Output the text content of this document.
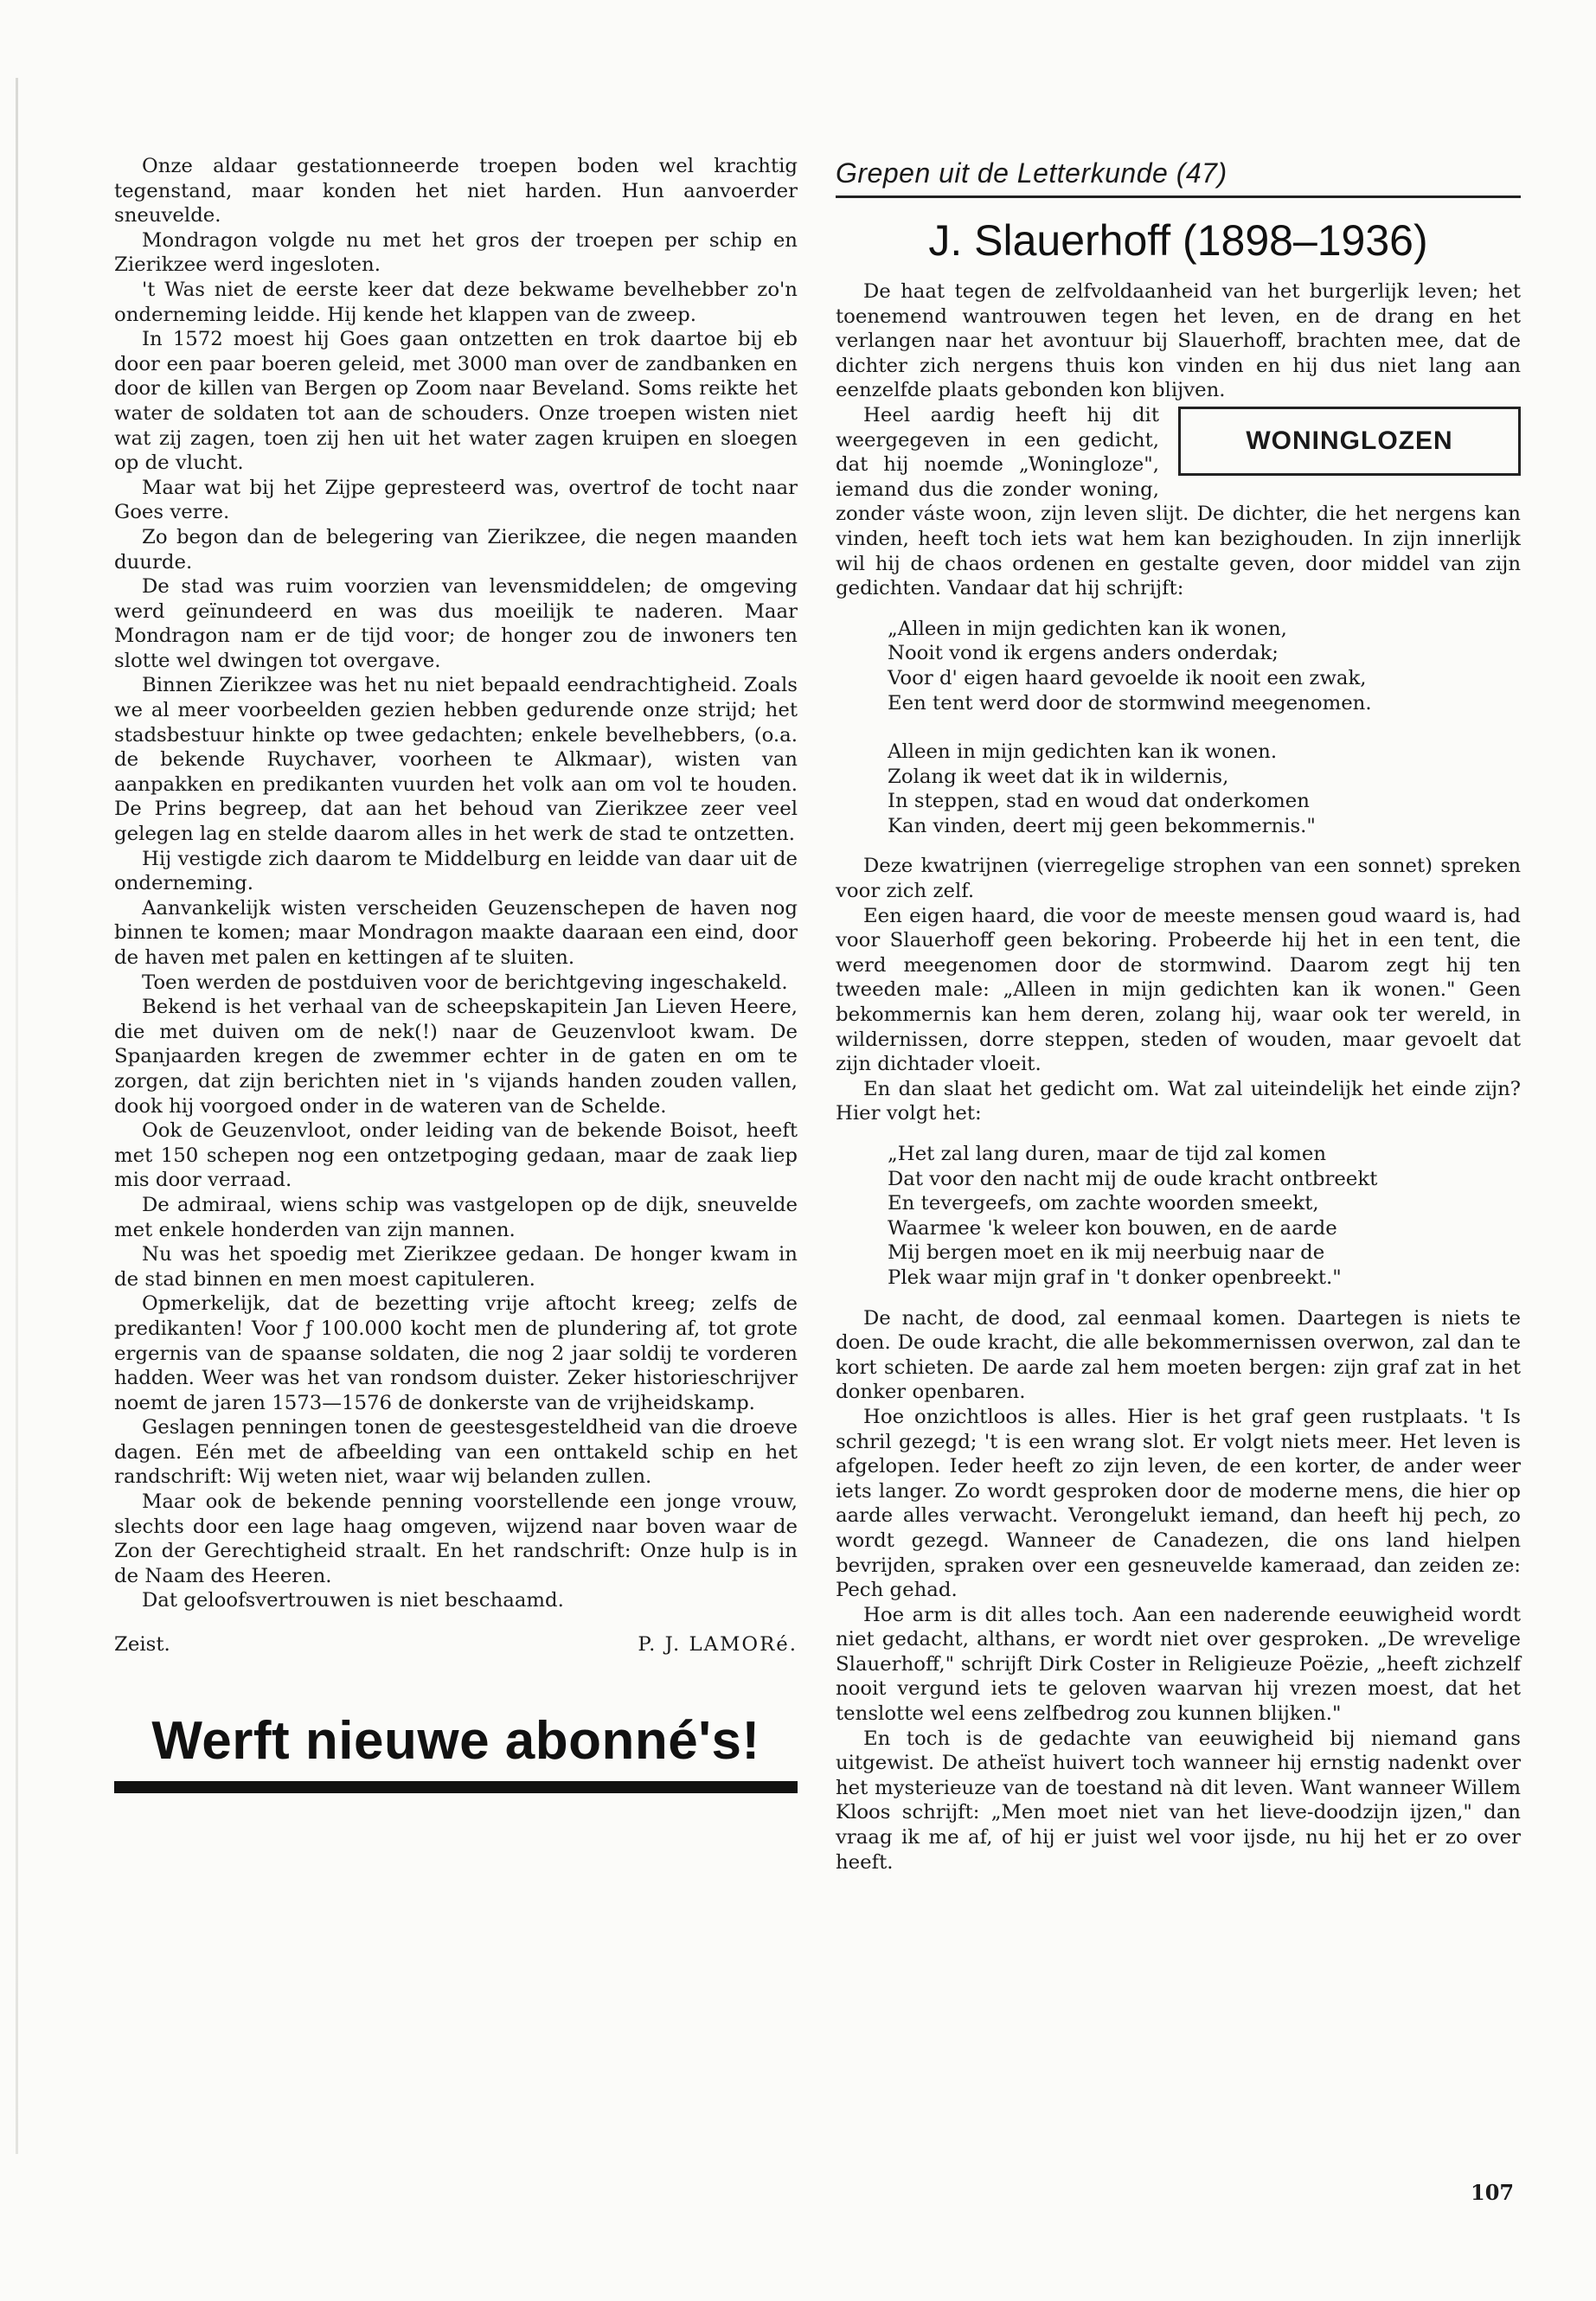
Onze aldaar gestationneerde troepen boden wel krachtig tegenstand, maar konden het niet harden. Hun aanvoerder sneuvelde.

Mondragon volgde nu met het gros der troepen per schip en Zierikzee werd ingesloten.

't Was niet de eerste keer dat deze bekwame bevelhebber zo'n onderneming leidde. Hij kende het klappen van de zweep.

In 1572 moest hij Goes gaan ontzetten en trok daartoe bij eb door een paar boeren geleid, met 3000 man over de zandbanken en door de killen van Bergen op Zoom naar Beveland. Soms reikte het water de soldaten tot aan de schouders. Onze troepen wisten niet wat zij zagen, toen zij hen uit het water zagen kruipen en sloegen op de vlucht.

Maar wat bij het Zijpe gepresteerd was, overtrof de tocht naar Goes verre.

Zo begon dan de belegering van Zierikzee, die negen maanden duurde.

De stad was ruim voorzien van levensmiddelen; de omgeving werd geïnundeerd en was dus moeilijk te naderen. Maar Mondragon nam er de tijd voor; de honger zou de inwoners ten slotte wel dwingen tot overgave.

Binnen Zierikzee was het nu niet bepaald eendrachtigheid. Zoals we al meer voorbeelden gezien hebben gedurende onze strijd; het stadsbestuur hinkte op twee gedachten; enkele bevelhebbers, (o.a. de bekende Ruychaver, voorheen te Alkmaar), wisten van aanpakken en predikanten vuurden het volk aan om vol te houden. De Prins begreep, dat aan het behoud van Zierikzee zeer veel gelegen lag en stelde daarom alles in het werk de stad te ontzetten.

Hij vestigde zich daarom te Middelburg en leidde van daar uit de onderneming.

Aanvankelijk wisten verscheiden Geuzenschepen de haven nog binnen te komen; maar Mondragon maakte daaraan een eind, door de haven met palen en kettingen af te sluiten.

Toen werden de postduiven voor de berichtgeving ingeschakeld.

Bekend is het verhaal van de scheepskapitein Jan Lieven Heere, die met duiven om de nek(!) naar de Geuzenvloot kwam. De Spanjaarden kregen de zwemmer echter in de gaten en om te zorgen, dat zijn berichten niet in 's vijands handen zouden vallen, dook hij voorgoed onder in de wateren van de Schelde.

Ook de Geuzenvloot, onder leiding van de bekende Boisot, heeft met 150 schepen nog een ontzetpoging gedaan, maar de zaak liep mis door verraad.

De admiraal, wiens schip was vastgelopen op de dijk, sneuvelde met enkele honderden van zijn mannen.

Nu was het spoedig met Zierikzee gedaan. De honger kwam in de stad binnen en men moest capituleren.

Opmerkelijk, dat de bezetting vrije aftocht kreeg; zelfs de predikanten! Voor ƒ 100.000 kocht men de plundering af, tot grote ergernis van de spaanse soldaten, die nog 2 jaar soldij te vorderen hadden. Weer was het van rondsom duister. Zeker historieschrijver noemt de jaren 1573—1576 de donkerste van de vrijheidskamp.

Geslagen penningen tonen de geestesgesteldheid van die droeve dagen. Eén met de afbeelding van een onttakeld schip en het randschrift: Wij weten niet, waar wij belanden zullen.

Maar ook de bekende penning voorstellende een jonge vrouw, slechts door een lage haag omgeven, wijzend naar boven waar de Zon der Gerechtigheid straalt. En het randschrift: Onze hulp is in de Naam des Heeren.

Dat geloofsvertrouwen is niet beschaamd.

Zeist.	P. J. LAMORé.
Werft nieuwe abonné's!
Grepen uit de Letterkunde (47)
J. Slauerhoff (1898–1936)

De haat tegen de zelfvoldaanheid van het burgerlijk leven; het toenemend wantrouwen tegen het leven, en de drang en het verlangen naar het avontuur bij Slauerhoff, brachten mee, dat de dichter zich nergens thuis kon vinden en hij dus niet lang aan eenzelfde plaats gebonden kon blijven.

WONINGLOZEN

Heel aardig heeft hij dit weergegeven in een gedicht, dat hij noemde „Woningloze", iemand dus die zonder woning, zonder váste woon, zijn leven slijt. De dichter, die het nergens kan vinden, heeft toch iets wat hem kan bezighouden. In zijn innerlijk wil hij de chaos ordenen en gestalte geven, door middel van zijn gedichten. Vandaar dat hij schrijft:

„Alleen in mijn gedichten kan ik wonen,
Nooit vond ik ergens anders onderdak;
Voor d' eigen haard gevoelde ik nooit een zwak,
Een tent werd door de stormwind meegenomen.
Alleen in mijn gedichten kan ik wonen.
Zolang ik weet dat ik in wildernis,
In steppen, stad en woud dat onderkomen
Kan vinden, deert mij geen bekommernis."

Deze kwatrijnen (vierregelige strophen van een sonnet) spreken voor zich zelf.

Een eigen haard, die voor de meeste mensen goud waard is, had voor Slauerhoff geen bekoring. Probeerde hij het in een tent, die werd meegenomen door de stormwind. Daarom zegt hij ten tweeden male: „Alleen in mijn gedichten kan ik wonen." Geen bekommernis kan hem deren, zolang hij, waar ook ter wereld, in wildernissen, dorre steppen, steden of wouden, maar gevoelt dat zijn dichtader vloeit.

En dan slaat het gedicht om. Wat zal uiteindelijk het einde zijn? Hier volgt het:

„Het zal lang duren, maar de tijd zal komen
Dat voor den nacht mij de oude kracht ontbreekt
En tevergeefs, om zachte woorden smeekt,
Waarmee 'k weleer kon bouwen, en de aarde
Mij bergen moet en ik mij neerbuig naar de
Plek waar mijn graf in 't donker openbreekt."

De nacht, de dood, zal eenmaal komen. Daartegen is niets te doen. De oude kracht, die alle bekommernissen overwon, zal dan te kort schieten. De aarde zal hem moeten bergen: zijn graf zat in het donker openbaren.

Hoe onzichtloos is alles. Hier is het graf geen rustplaats. 't Is schril gezegd; 't is een wrang slot. Er volgt niets meer. Het leven is afgelopen. Ieder heeft zo zijn leven, de een korter, de ander weer iets langer. Zo wordt gesproken door de moderne mens, die hier op aarde alles verwacht. Verongelukt iemand, dan heeft hij pech, zo wordt gezegd. Wanneer de Canadezen, die ons land hielpen bevrijden, spraken over een gesneuvelde kameraad, dan zeiden ze: Pech gehad.

Hoe arm is dit alles toch. Aan een naderende eeuwigheid wordt niet gedacht, althans, er wordt niet over gesproken. „De wrevelige Slauerhoff," schrijft Dirk Coster in Religieuze Poëzie, „heeft zichzelf nooit vergund iets te geloven waarvan hij vrezen moest, dat het tenslotte wel eens zelfbedrog zou kunnen blijken."

En toch is de gedachte van eeuwigheid bij niemand gans uitgewist. De atheïst huivert toch wanneer hij ernstig nadenkt over het mysterieuze van de toestand nà dit leven. Want wanneer Willem Kloos schrijft: „Men moet niet van het lieve-doodzijn ijzen," dan vraag ik me af, of hij er juist wel voor ijsde, nu hij het er zo over heeft.

107
